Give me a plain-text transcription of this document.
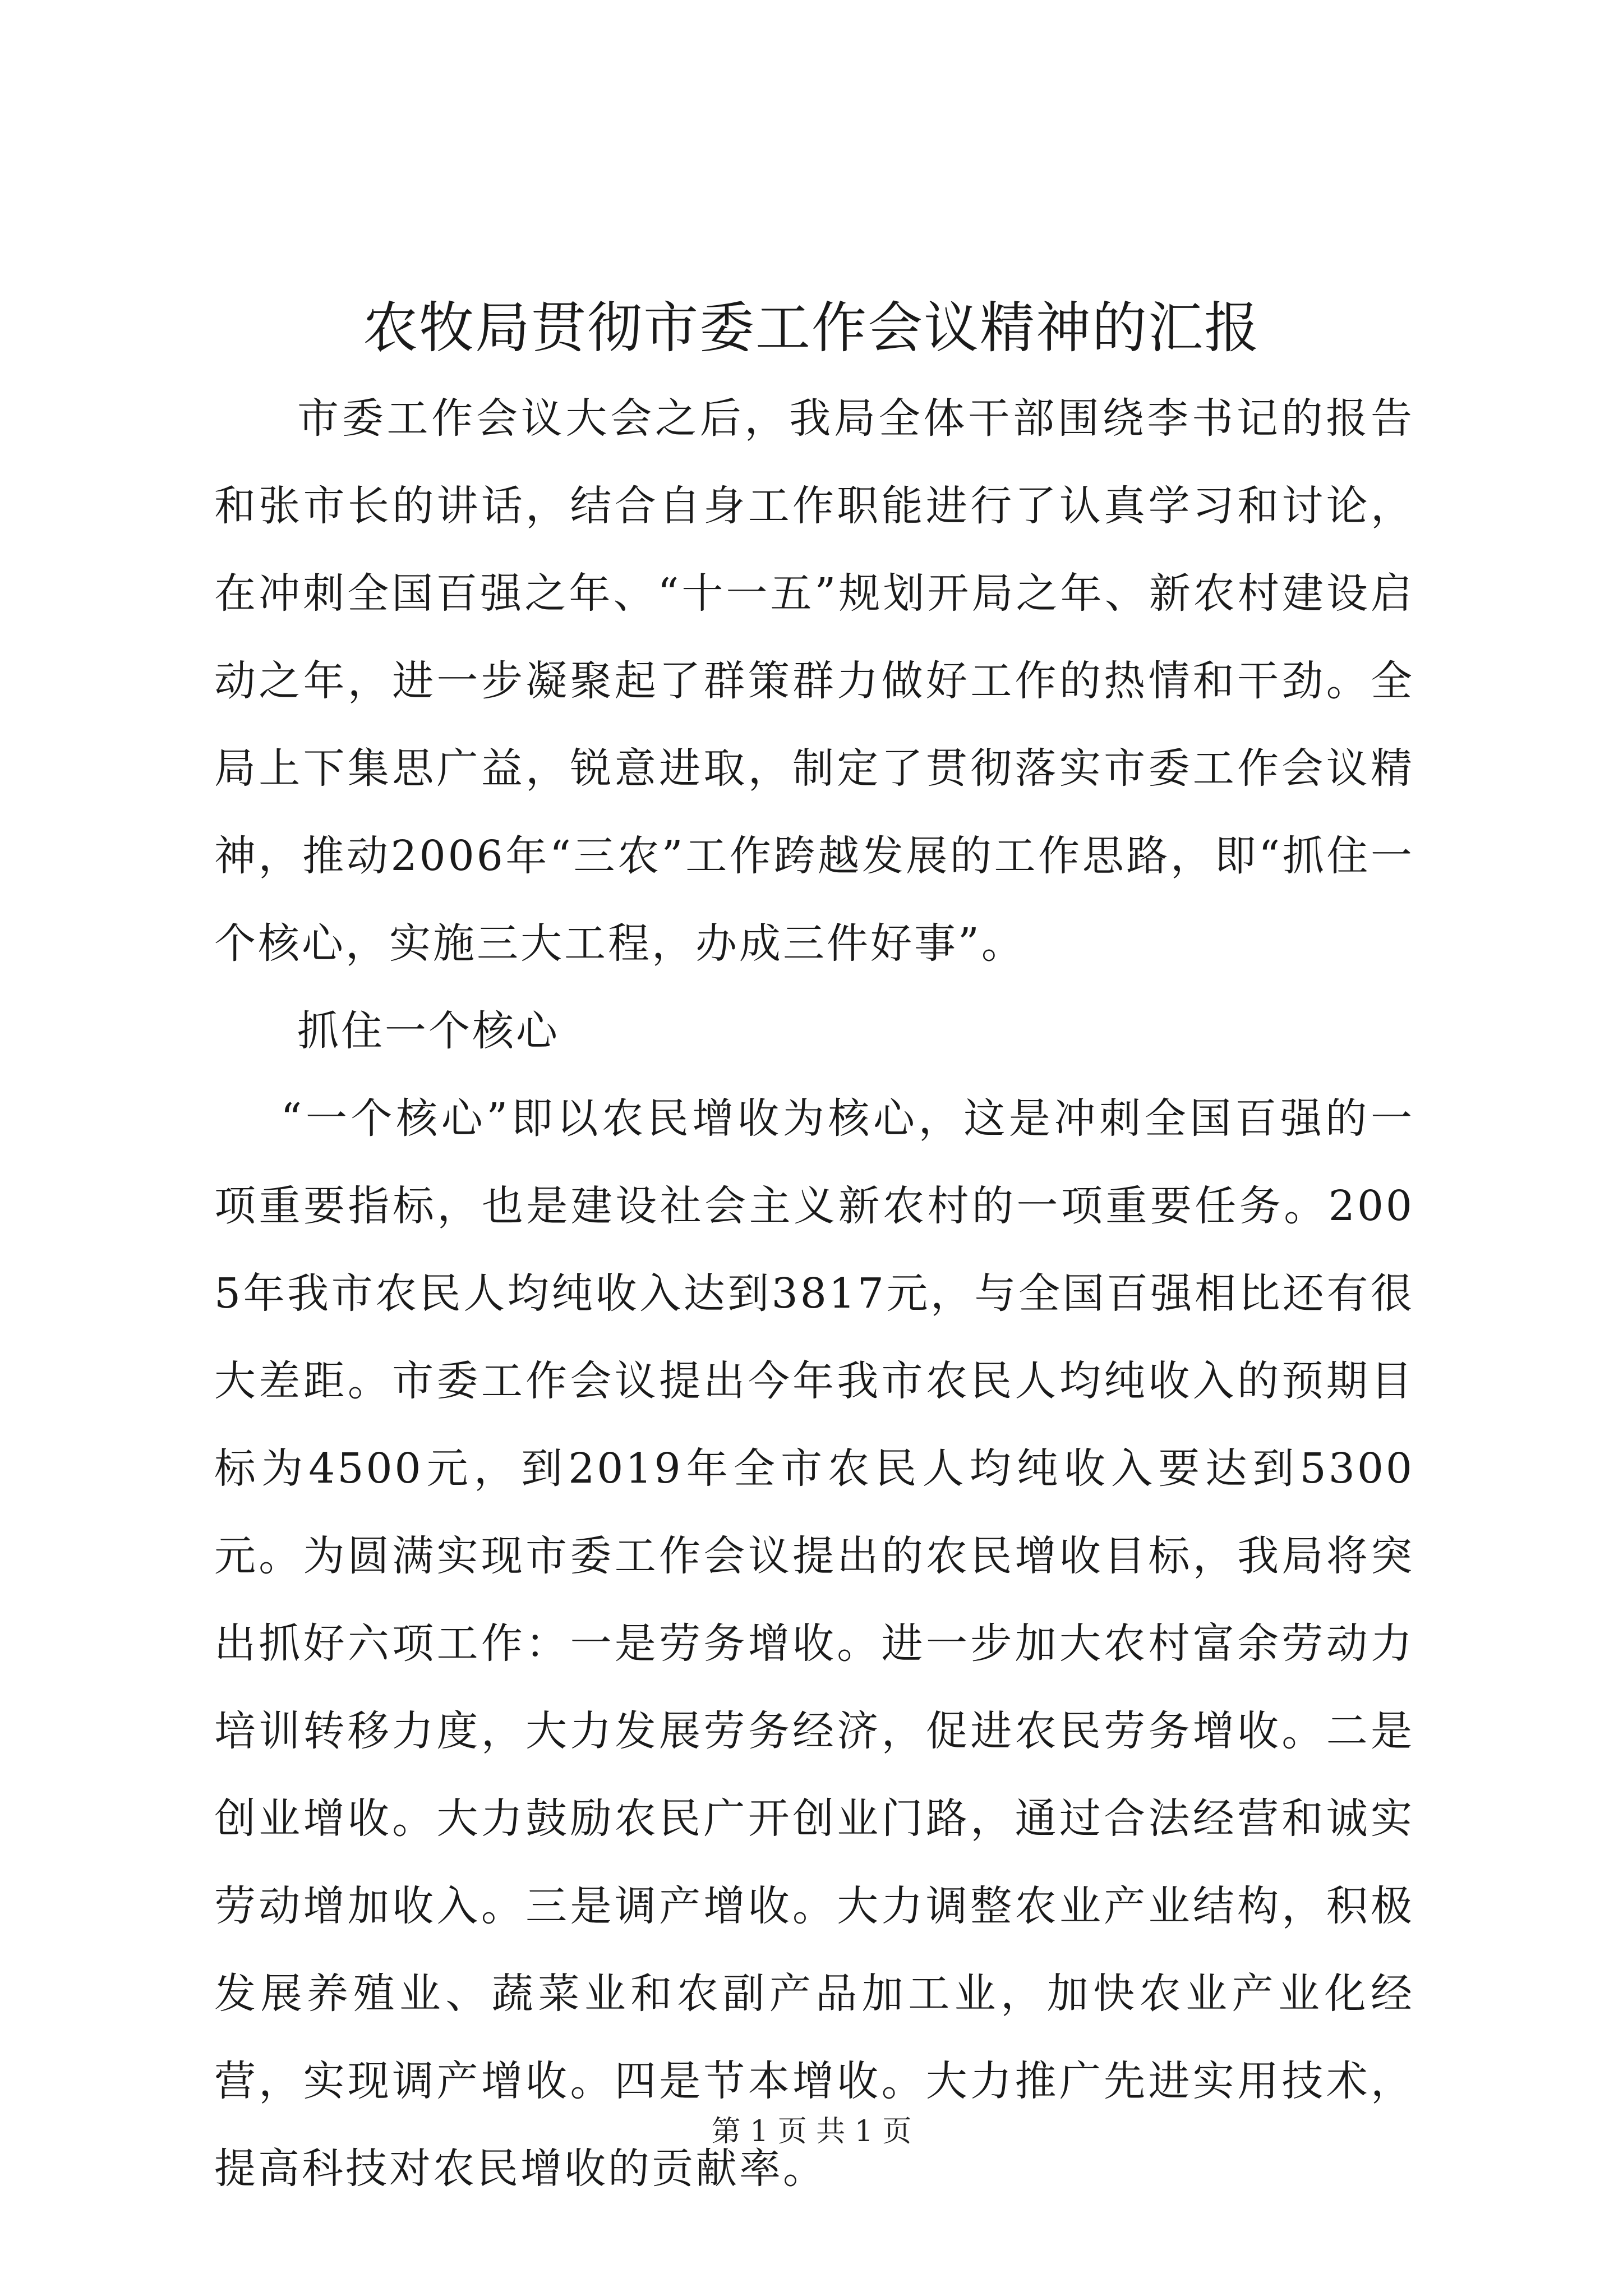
农牧局贯彻市委工作会议精神的汇报

市委工作会议大会之后，我局全体干部围绕李书记的报告和张市长的讲话，结合自身工作职能进行了认真学习和讨论，在冲刺全国百强之年、“十一五”规划开局之年、新农村建设启动之年，进一步凝聚起了群策群力做好工作的热情和干劲。全局上下集思广益，锐意进取，制定了贯彻落实市委工作会议精神，推动2006年“三农”工作跨越发展的工作思路，即“抓住一个核心，实施三大工程，办成三件好事”。

抓住一个核心

“一个核心”即以农民增收为核心，这是冲刺全国百强的一项重要指标，也是建设社会主义新农村的一项重要任务。2005年我市农民人均纯收入达到3817元，与全国百强相比还有很大差距。市委工作会议提出今年我市农民人均纯收入的预期目标为4500元，到2019年全市农民人均纯收入要达到5300元。为圆满实现市委工作会议提出的农民增收目标，我局将突出抓好六项工作：一是劳务增收。进一步加大农村富余劳动力培训转移力度，大力发展劳务经济，促进农民劳务增收。二是创业增收。大力鼓励农民广开创业门路，通过合法经营和诚实劳动增加收入。三是调产增收。大力调整农业产业结构，积极发展养殖业、蔬菜业和农副产品加工业，加快农业产业化经营，实现调产增收。四是节本增收。大力推广先进实用技术，提高科技对农民增收的贡献率。

第 1 页 共 1 页
